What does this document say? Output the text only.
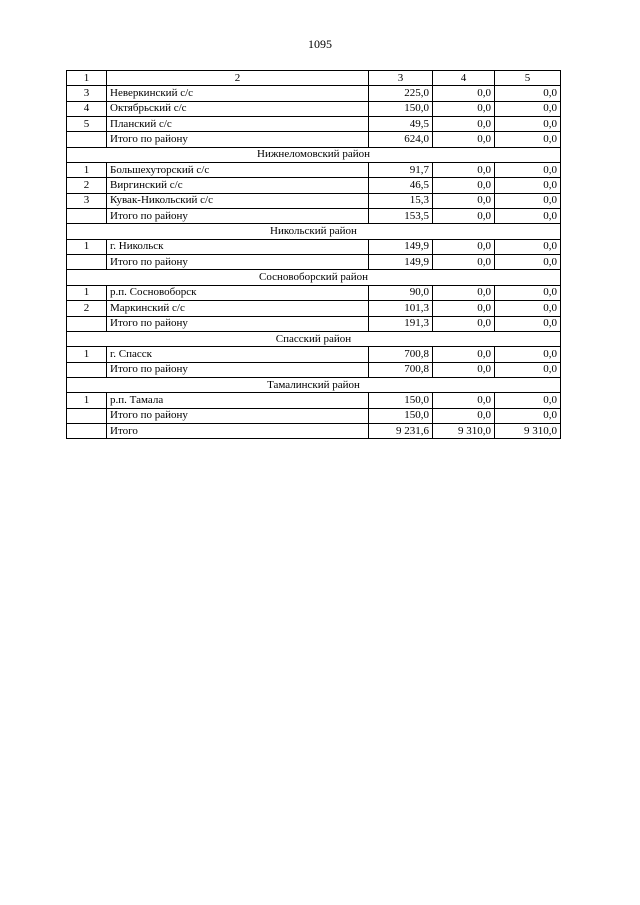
1095
1	2	3	4	5
3	Неверкинский с/с	225,0	0,0	0,0
4	Октябрьский с/с	150,0	0,0	0,0
5	Планский с/с	49,5	0,0	0,0
	Итого по району	624,0	0,0	0,0
Нижнеломовский район				
1	Большехуторский с/с	91,7	0,0	0,0
2	Виргинский с/с	46,5	0,0	0,0
3	Кувак-Никольский с/с	15,3	0,0	0,0
	Итого по району	153,5	0,0	0,0
Никольский район				
1	г. Никольск	149,9	0,0	0,0
	Итого по району	149,9	0,0	0,0
Сосновоборский район				
1	р.п. Сосновоборск	90,0	0,0	0,0
2	Маркинский с/с	101,3	0,0	0,0
	Итого по району	191,3	0,0	0,0
Спасский район				
1	г. Спасск	700,8	0,0	0,0
	Итого по району	700,8	0,0	0,0
Тамалинский район				
1	р.п. Тамала	150,0	0,0	0,0
	Итого по району	150,0	0,0	0,0
	Итого	9 231,6	9 310,0	9 310,0
